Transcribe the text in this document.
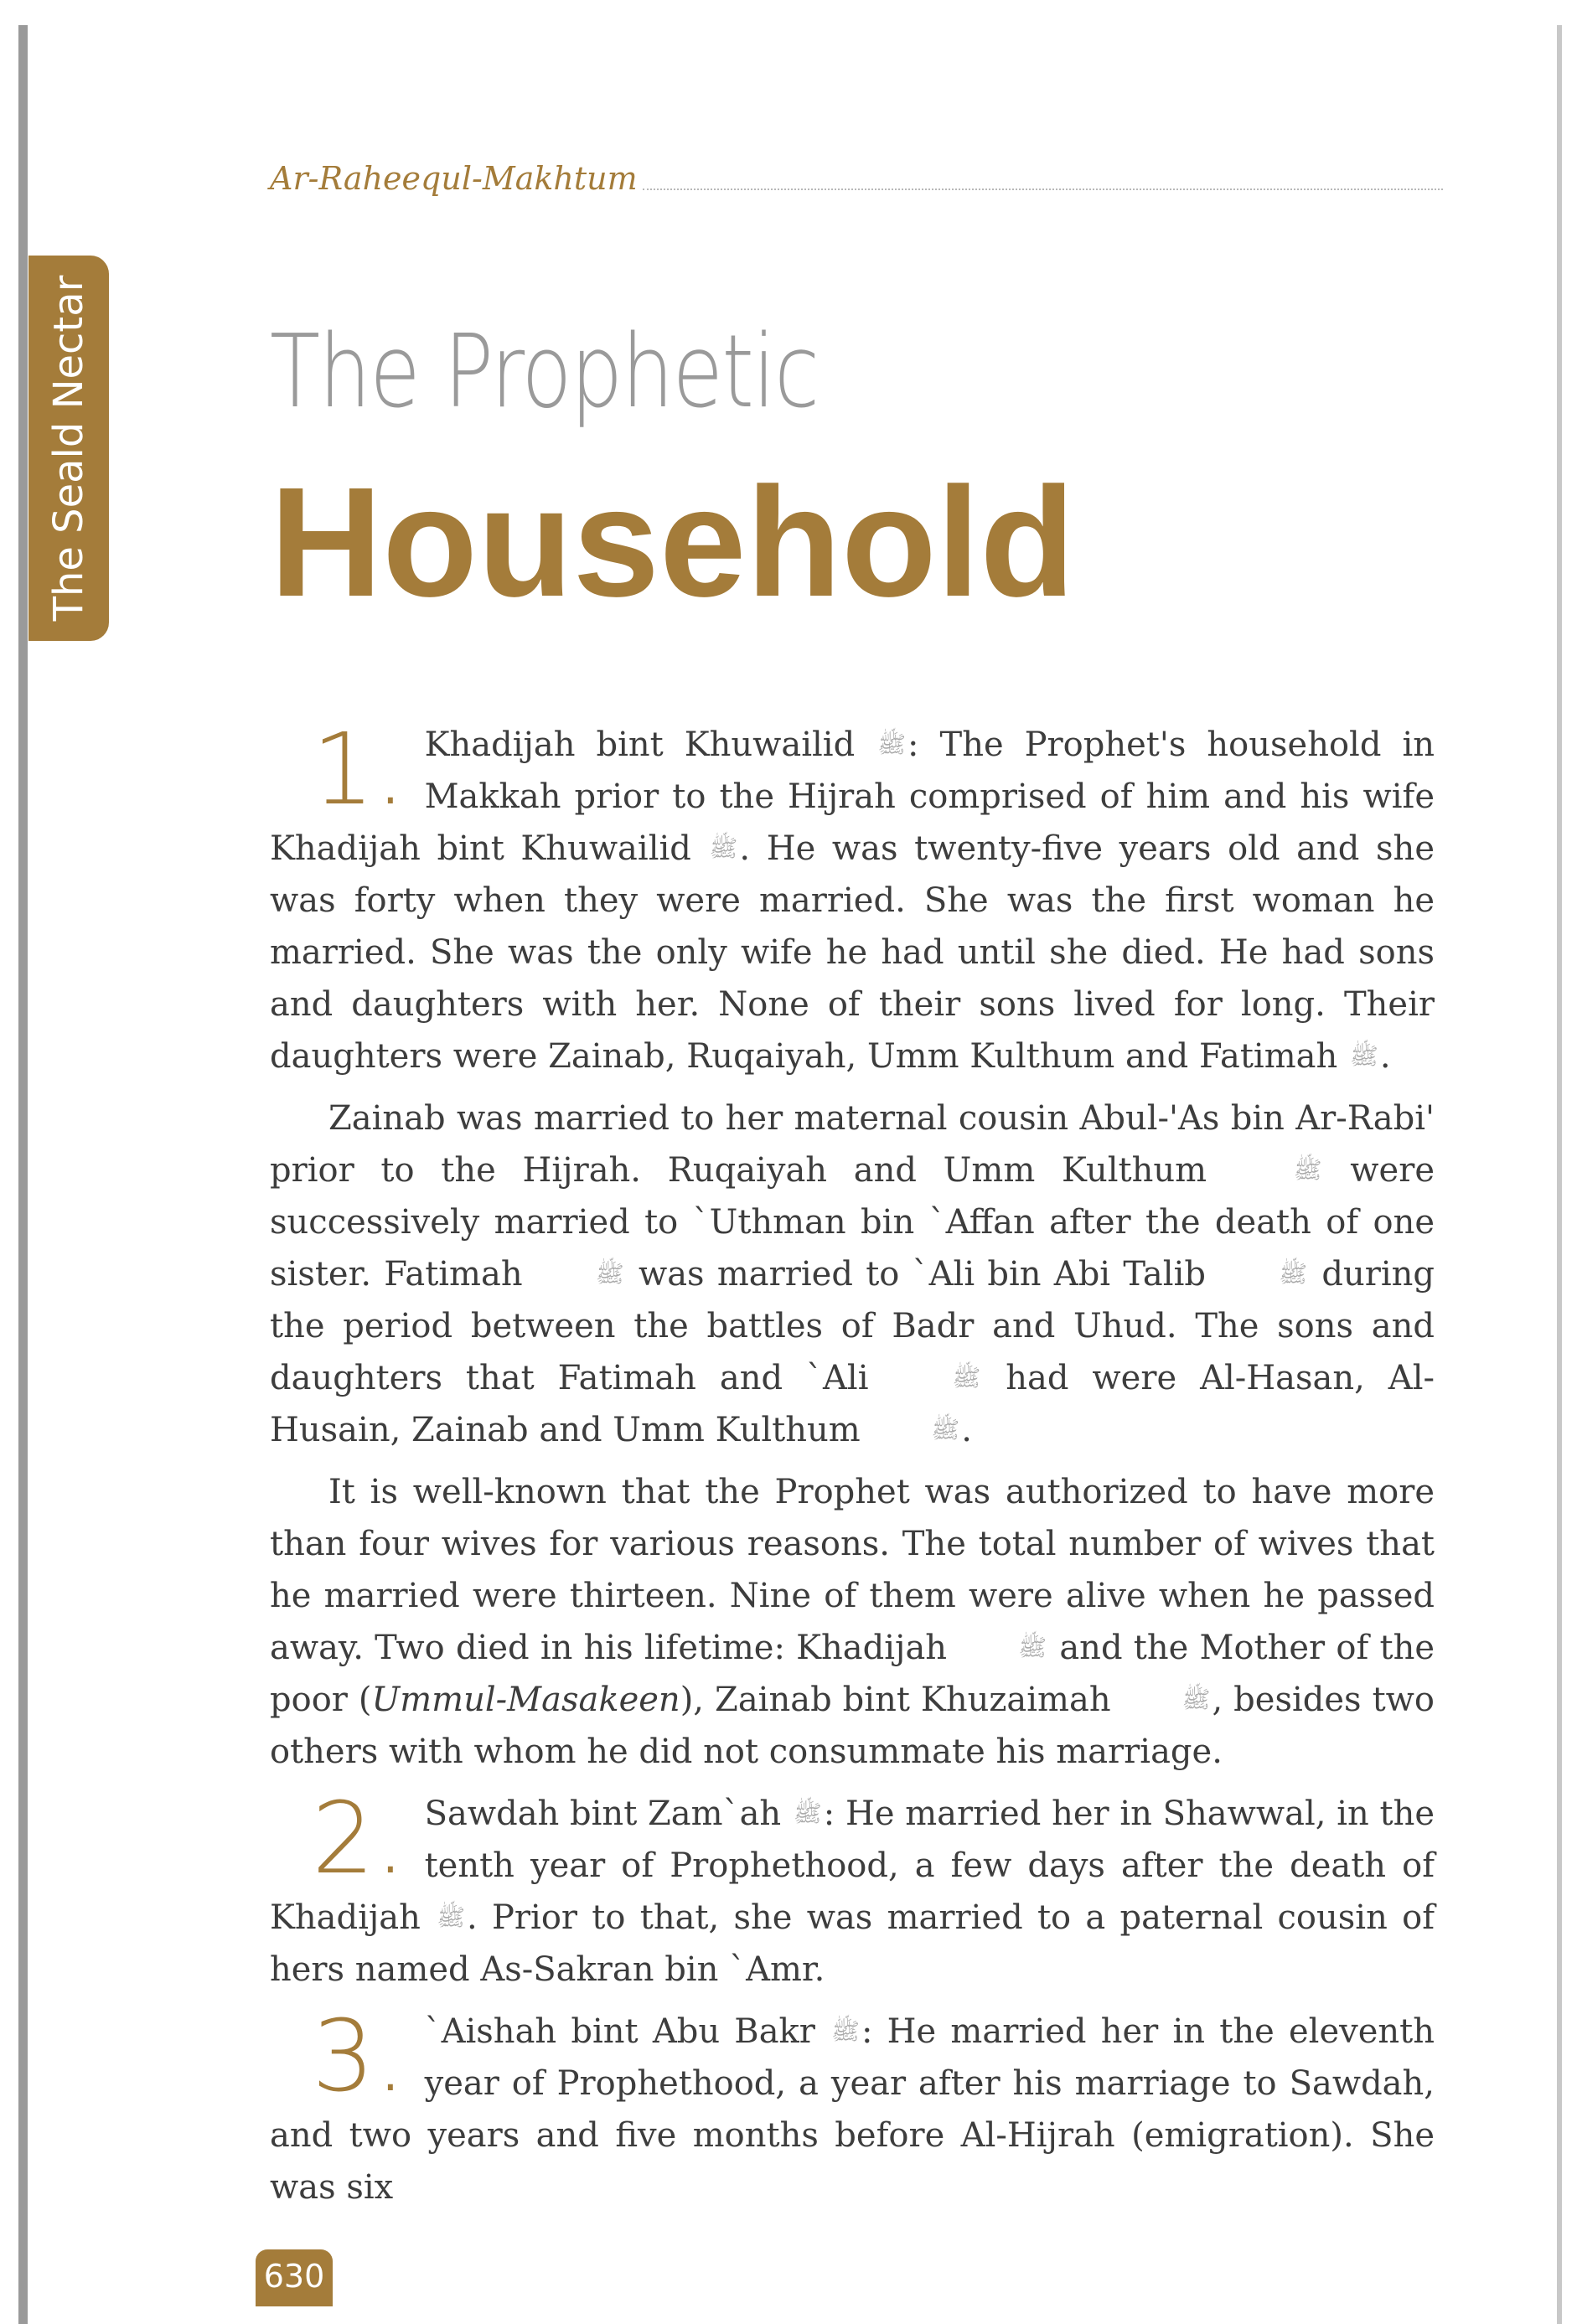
The Seald Nectar
Ar-Raheequl-Makhtum
The Prophetic
Household

1. Khadijah bint Khuwailid ﷺ: The Prophet's household in Makkah prior to the Hijrah comprised of him and his wife Khadijah bint Khuwailid ﷺ. He was twenty-five years old and she was forty when they were married. She was the first woman he married. She was the only wife he had until she died. He had sons and daughters with her. None of their sons lived for long. Their daughters were Zainab, Ruqaiyah, Umm Kulthum and Fatimah ﷺ.

Zainab was married to her maternal cousin Abul-'As bin Ar-Rabi' prior to the Hijrah. Ruqaiyah and Umm Kulthum	ﷺ were successively married to `Uthman bin `Affan after the death of one sister. Fatimah	ﷺ was married to `Ali bin Abi Talib	ﷺ during the period between the battles of Badr and Uhud. The sons and daughters that Fatimah and `Ali	ﷺ had were Al-Hasan, Al-Husain, Zainab and Umm Kulthum	ﷺ.

It is well-known that the Prophet was authorized to have more than four wives for various reasons. The total number of wives that he married were thirteen. Nine of them were alive when he passed away. Two died in his lifetime: Khadijah	ﷺ and the Mother of the poor (Ummul-Masakeen), Zainab bint Khuzaimah	ﷺ, besides two others with whom he did not consummate his marriage.

2. Sawdah bint Zam`ah ﷺ: He married her in Shawwal, in the tenth year of Prophethood, a few days after the death of Khadijah ﷺ. Prior to that, she was married to a paternal cousin of hers named As-Sakran bin `Amr.

3. `Aishah bint Abu Bakr ﷺ: He married her in the eleventh year of Prophethood, a year after his marriage to Sawdah, and two years and five months before Al-Hijrah (emigration). She was six

630
